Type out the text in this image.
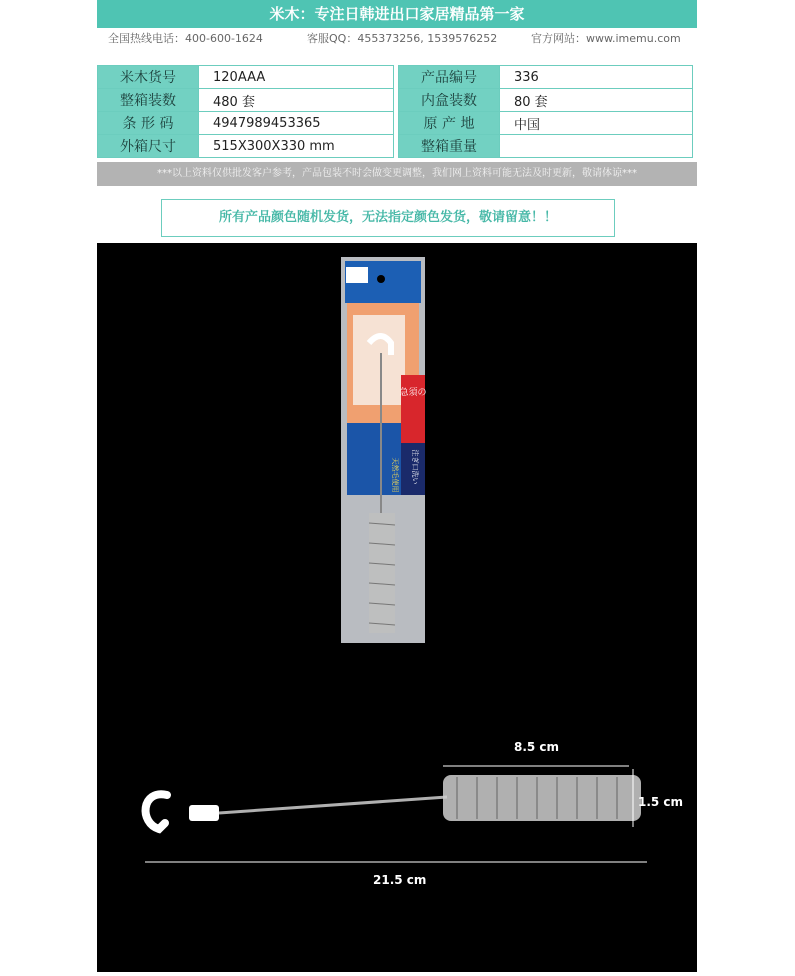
米木：专注日韩进出口家居精品第一家
全国热线电话：400-600-1624	客服QQ：455373256, 1539576252	官方网站：www.imemu.com
米木货号	120AAA
整箱装数	480 套
条 形 码	4947989453365
外箱尺寸	515X300X330 mm
产品编号	336
内盒装数	80 套
原 产 地	中国
整箱重量	
***以上资料仅供批发客户参考，产品包装不时会做变更调整，我们网上资料可能无法及时更新，敬请体谅***
所有产品颜色随机发货，无法指定颜色发货，敬请留意！！
急須の
注ぎ口洗い
天然毛使用
8.5 cm
1.5 cm
21.5 cm
